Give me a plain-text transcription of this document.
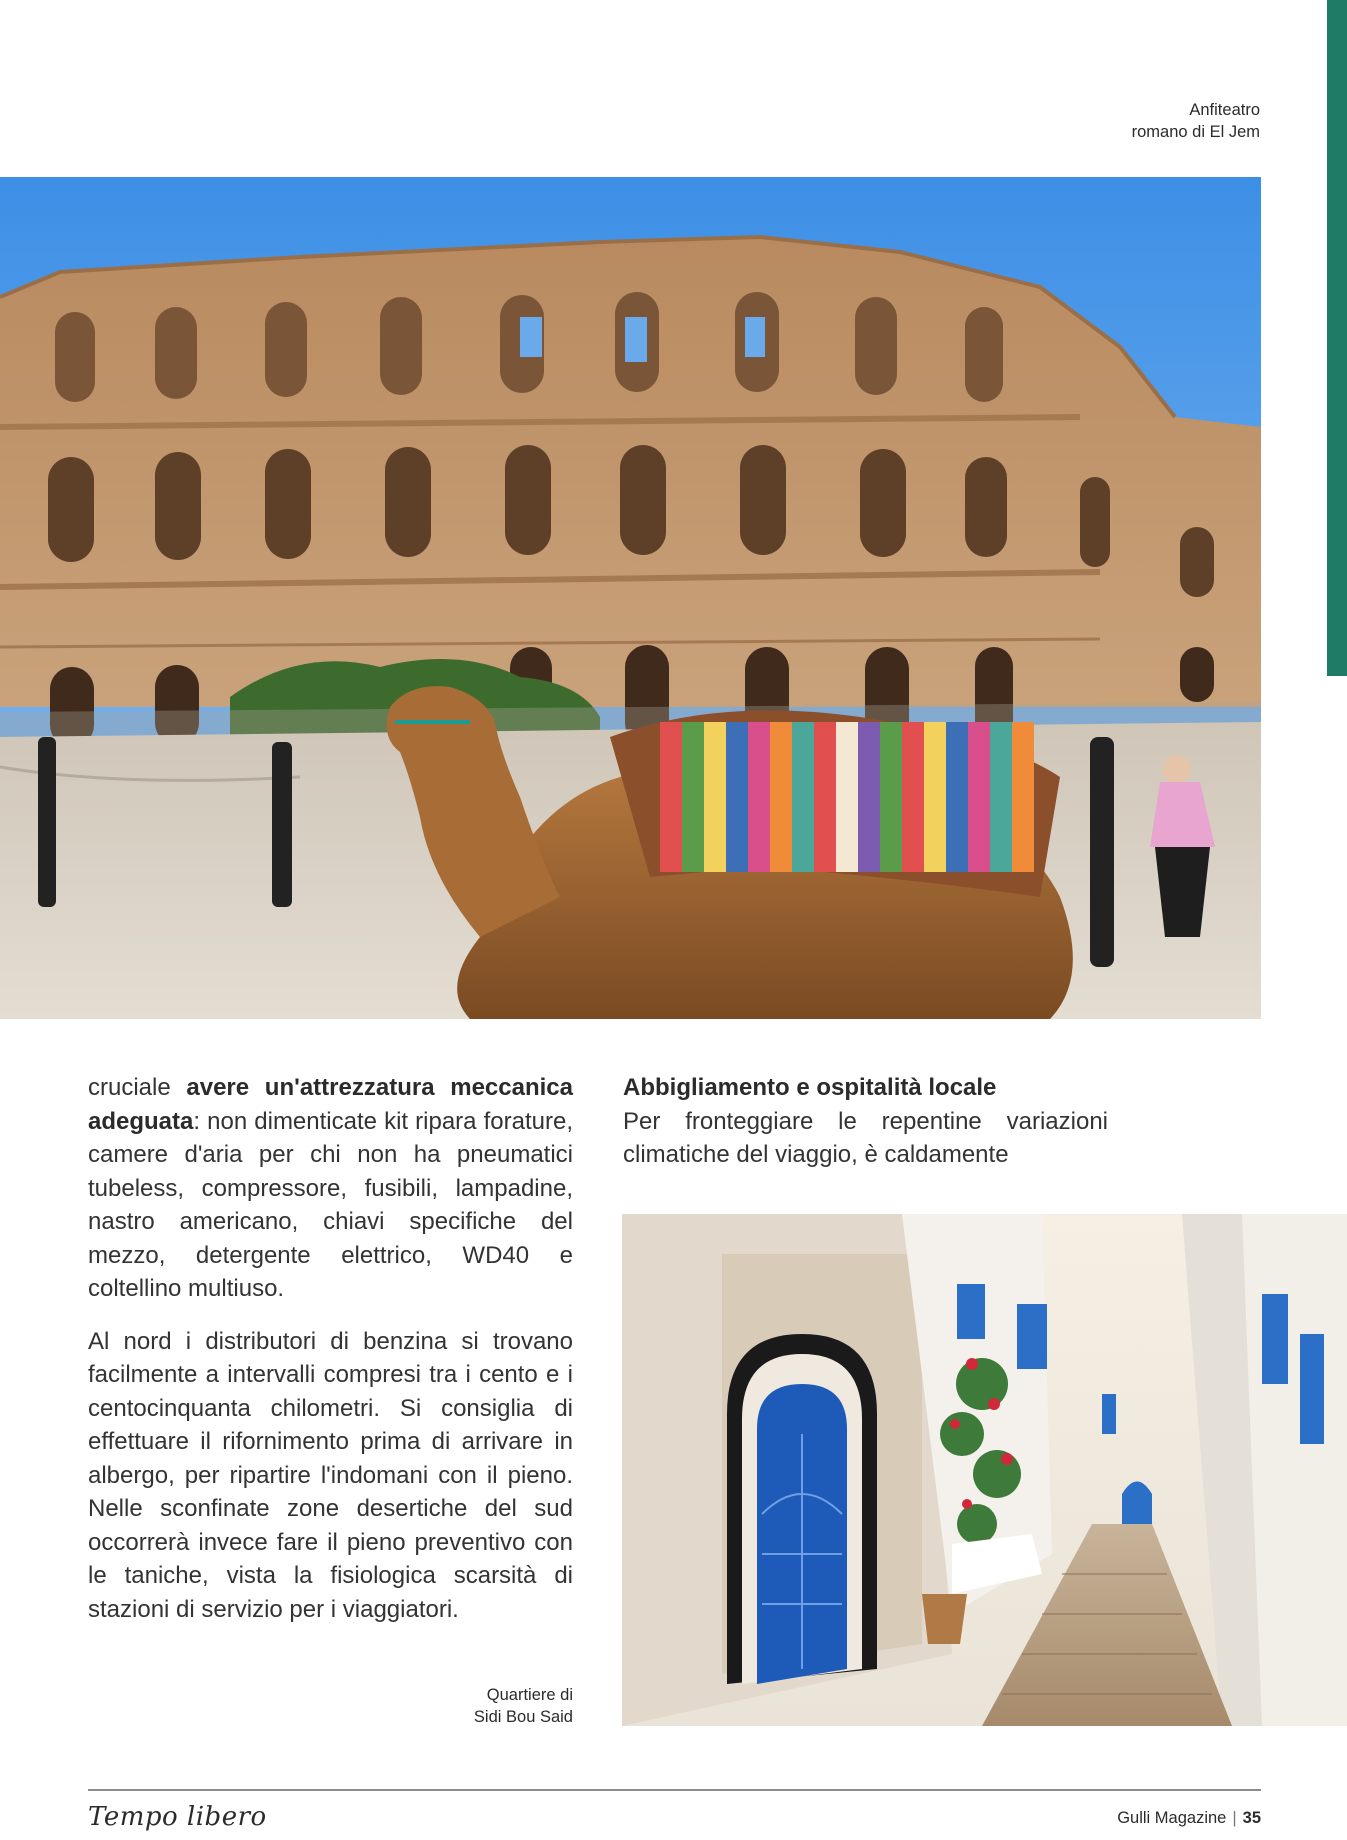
Anfiteatro
romano di El Jem

cruciale avere un'attrezzatura meccanica adeguata: non dimenticate kit ripara forature, camere d'aria per chi non ha pneumatici tubeless, compressore, fusibili, lampadine, nastro americano, chiavi specifiche del mezzo, detergente elettrico, WD40 e coltellino multiuso.

Al nord i distributori di benzina si trovano facilmente a intervalli compresi tra i cento e i centocinquanta chilometri. Si consiglia di effettuare il rifornimento prima di arrivare in albergo, per ripartire l'indomani con il pieno. Nelle sconfinate zone desertiche del sud occorrerà invece fare il pieno preventivo con le taniche, vista la fisiologica scarsità di stazioni di servizio per i viaggiatori.

Abbigliamento e ospitalità locale

Per fronteggiare le repentine variazioni climatiche del viaggio, è caldamente

Quartiere di
Sidi Bou Said
Tempo libero	Gulli Magazine | 35
